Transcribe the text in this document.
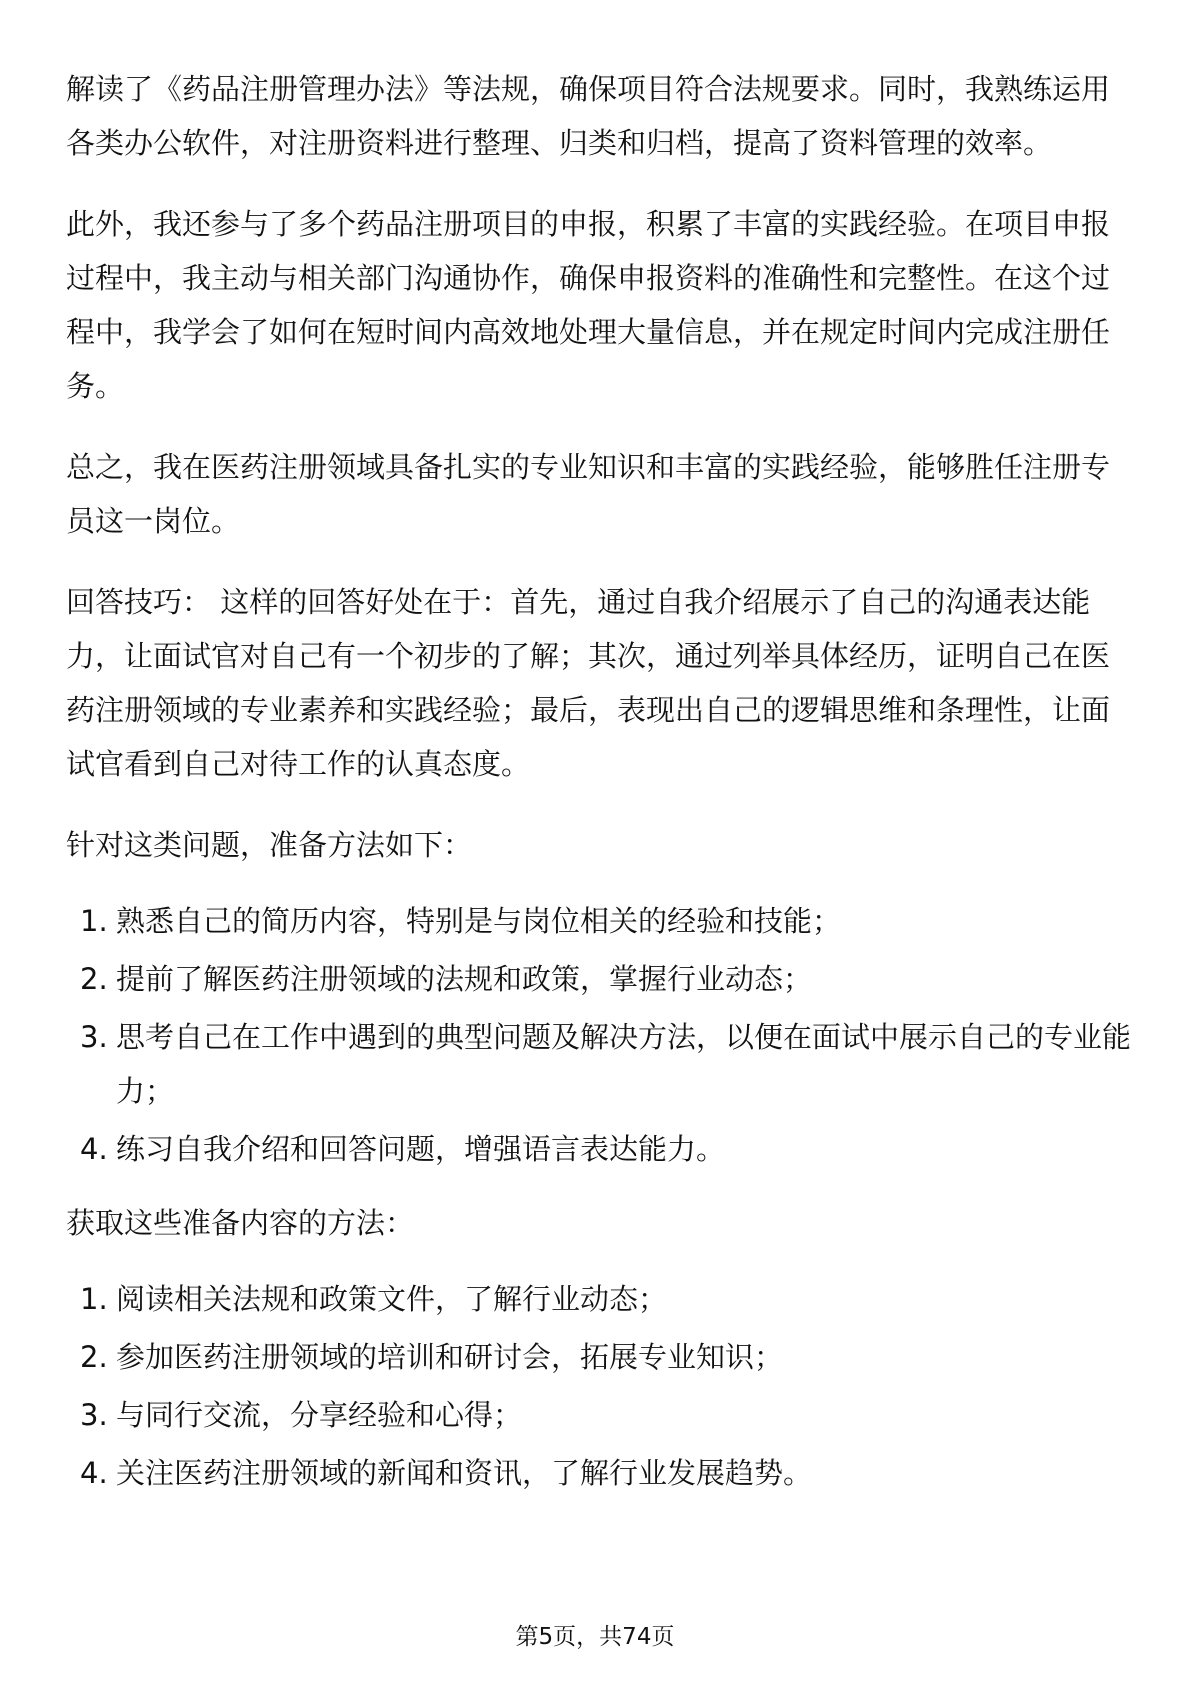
解读了《药品注册管理办法》等法规，确保项目符合法规要求。同时，我熟练运用各类办公软件，对注册资料进行整理、归类和归档，提高了资料管理的效率。

此外，我还参与了多个药品注册项目的申报，积累了丰富的实践经验。在项目申报过程中，我主动与相关部门沟通协作，确保申报资料的准确性和完整性。在这个过程中，我学会了如何在短时间内高效地处理大量信息，并在规定时间内完成注册任务。

总之，我在医药注册领域具备扎实的专业知识和丰富的实践经验，能够胜任注册专员这一岗位。

回答技巧： 这样的回答好处在于：首先，通过自我介绍展示了自己的沟通表达能力，让面试官对自己有一个初步的了解；其次，通过列举具体经历，证明自己在医药注册领域的专业素养和实践经验；最后，表现出自己的逻辑思维和条理性，让面试官看到自己对待工作的认真态度。

针对这类问题，准备方法如下：

1. 熟悉自己的简历内容，特别是与岗位相关的经验和技能；
2. 提前了解医药注册领域的法规和政策，掌握行业动态；
3. 思考自己在工作中遇到的典型问题及解决方法，以便在面试中展示自己的专业能力；
4. 练习自我介绍和回答问题，增强语言表达能力。

获取这些准备内容的方法：

1. 阅读相关法规和政策文件，了解行业动态；
2. 参加医药注册领域的培训和研讨会，拓展专业知识；
3. 与同行交流，分享经验和心得；
4. 关注医药注册领域的新闻和资讯，了解行业发展趋势。
第5页，共74页
